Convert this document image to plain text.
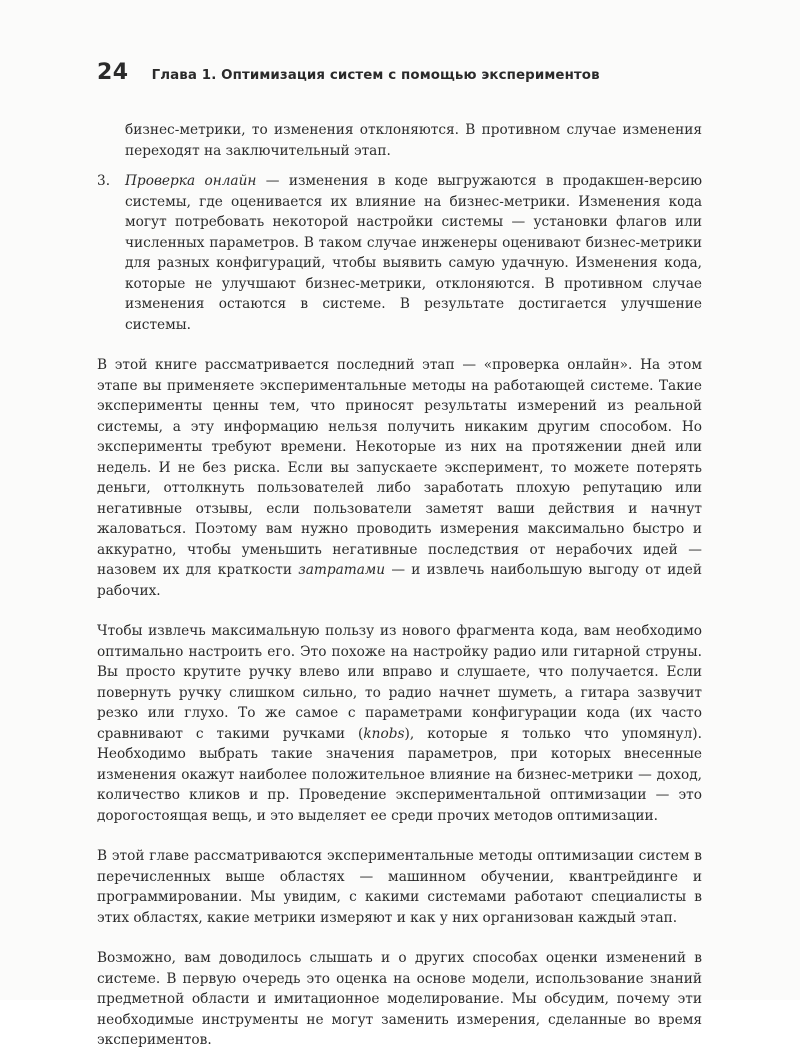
24 Глава 1. Оптимизация систем с помощью экспериментов

бизнес-метрики, то изменения отклоняются. В противном случае изменения переходят на заключительный этап.

3.	Проверка онлайн — изменения в коде выгружаются в продакшен-версию системы, где оценивается их влияние на бизнес-метрики. Изменения кода могут потребовать некоторой настройки системы — установки флагов или численных параметров. В таком случае инженеры оценивают бизнес-метрики для разных конфигураций, чтобы выявить самую удачную. Изменения кода, которые не улучшают бизнес-метрики, отклоняются. В противном случае изменения остаются в системе. В результате достигается улучшение системы.

В этой книге рассматривается последний этап — «проверка онлайн». На этом этапе вы применяете экспериментальные методы на работающей системе. Такие эксперименты ценны тем, что приносят результаты измерений из реальной системы, а эту информацию нельзя получить никаким другим способом. Но эксперименты требуют времени. Некоторые из них на протяжении дней или недель. И не без риска. Если вы запускаете эксперимент, то можете потерять деньги, оттолкнуть пользователей либо заработать плохую репутацию или негативные отзывы, если пользователи заметят ваши действия и начнут жаловаться. Поэтому вам нужно проводить измерения максимально быстро и аккуратно, чтобы уменьшить негативные последствия от нерабочих идей — назовем их для краткости затратами — и извлечь наибольшую выгоду от идей рабочих.

Чтобы извлечь максимальную пользу из нового фрагмента кода, вам необходимо оптимально настроить его. Это похоже на настройку радио или гитарной струны. Вы просто крутите ручку влево или вправо и слушаете, что получается. Если повернуть ручку слишком сильно, то радио начнет шуметь, а гитара зазвучит резко или глухо. То же самое с параметрами конфигурации кода (их часто сравнивают с такими ручками (knobs), которые я только что упомянул). Необходимо выбрать такие значения параметров, при которых внесенные изменения окажут наиболее положительное влияние на бизнес-метрики — доход, количество кликов и пр. Проведение экспериментальной оптимизации — это дорогостоящая вещь, и это выделяет ее среди прочих методов оптимизации.

В этой главе рассматриваются экспериментальные методы оптимизации систем в перечисленных выше областях — машинном обучении, квантрейдинге и программировании. Мы увидим, с какими системами работают специалисты в этих областях, какие метрики измеряют и как у них организован каждый этап.

Возможно, вам доводилось слышать и о других способах оценки изменений в системе. В первую очередь это оценка на основе модели, использование знаний предметной области и имитационное моделирование. Мы обсудим, почему эти необходимые инструменты не могут заменить измерения, сделанные во время экспериментов.
